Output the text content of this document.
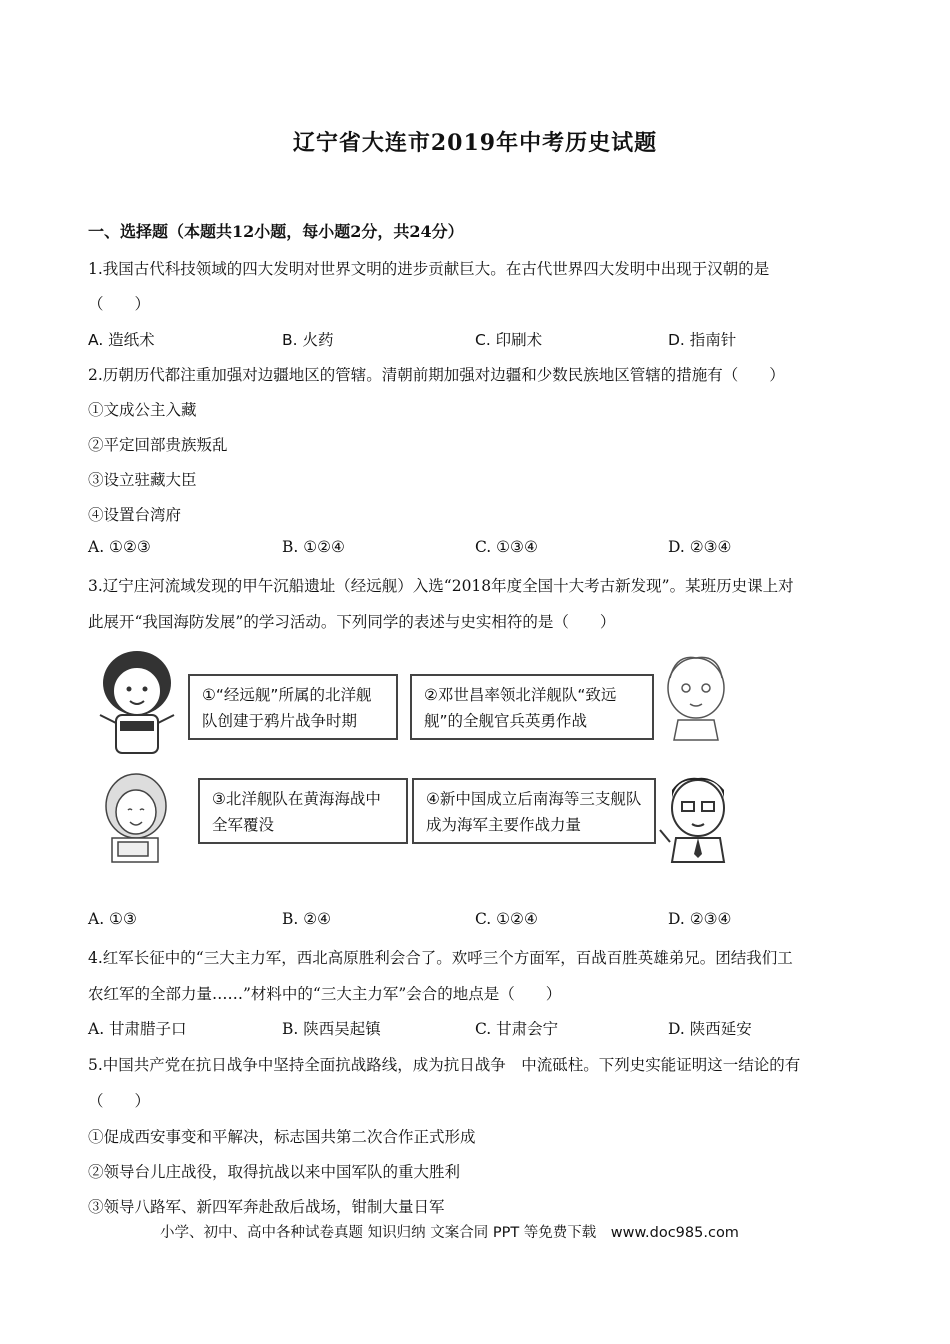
辽宁省大连市2019年中考历史试题
一、选择题（本题共12小题，每小题2分，共24分）
1.我国古代科技领域的四大发明对世界文明的进步贡献巨大。在古代世界四大发明中出现于汉朝的是
（　　）
A. 造纸术	B. 火药	C. 印刷术	D. 指南针
2.历朝历代都注重加强对边疆地区的管辖。清朝前期加强对边疆和少数民族地区管辖的措施有（　　）
①文成公主入藏
②平定回部贵族叛乱
③设立驻藏大臣
④设置台湾府
A. ①②③	B. ①②④	C. ①③④	D. ②③④
3.辽宁庄河流域发现的甲午沉船遗址（经远舰）入选“2018年度全国十大考古新发现”。某班历史课上对
此展开“我国海防发展”的学习活动。下列同学的表述与史实相符的是（　　）
①“经远舰”所属的北洋舰队创建于鸦片战争时期
②邓世昌率领北洋舰队“致远舰”的全舰官兵英勇作战
③北洋舰队在黄海海战中全军覆没
④新中国成立后南海等三支舰队成为海军主要作战力量
A. ①③	B. ②④	C. ①②④	D. ②③④
4.红军长征中的“三大主力军，西北高原胜利会合了。欢呼三个方面军，百战百胜英雄弟兄。团结我们工
农红军的全部力量……”材料中的“三大主力军”会合的地点是（　　）
A. 甘肃腊子口	B. 陕西吴起镇	C. 甘肃会宁	D. 陕西延安
5.中国共产党在抗日战争中坚持全面抗战路线，成为抗日战争　中流砥柱。下列史实能证明这一结论的有
（　　）
①促成西安事变和平解决，标志国共第二次合作正式形成
②领导台儿庄战役，取得抗战以来中国军队的重大胜利
③领导八路军、新四军奔赴敌后战场，钳制大量日军
小学、初中、高中各种试卷真题 知识归纳 文案合同 PPT 等免费下载　www.doc985.com
